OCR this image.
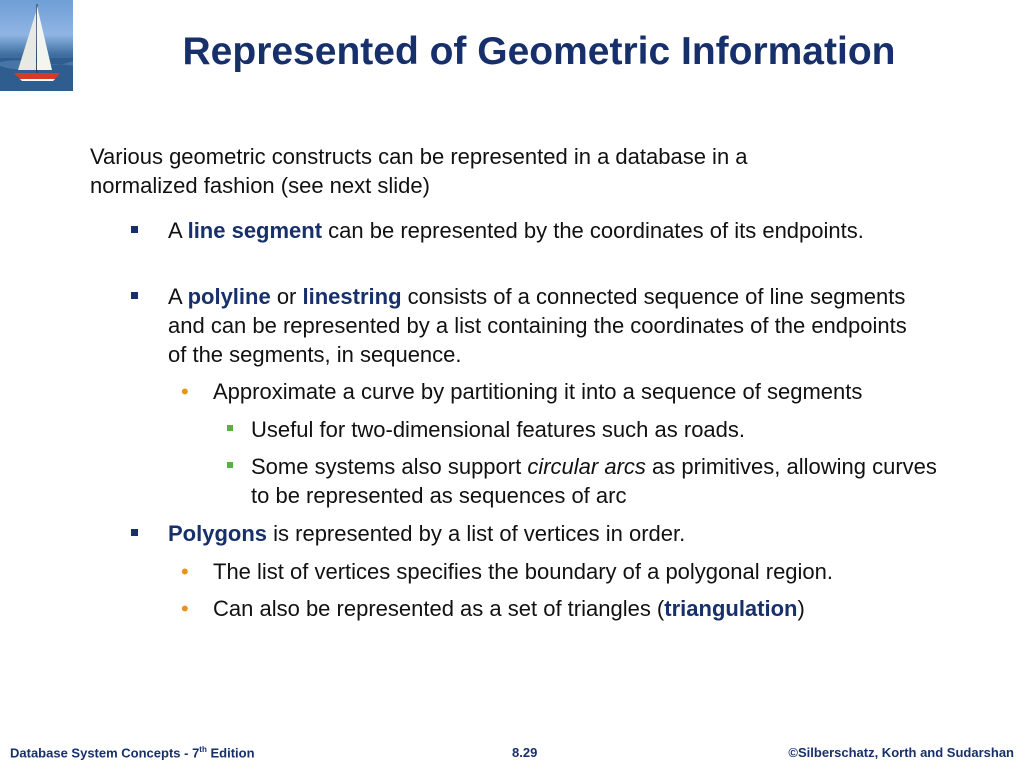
Represented of Geometric Information

Various geometric constructs can be represented in a database in a normalized fashion (see next slide)

A line segment can be represented by the coordinates of its endpoints.
A polyline or linestring consists of a connected sequence of line segments and can be represented by a list containing the coordinates of the endpoints of the segments, in sequence.
• Approximate a curve by partitioning it into a sequence of segments
Useful for two-dimensional features such as roads.
Some systems also support circular arcs as primitives, allowing curves to be represented as sequences of arc
Polygons is represented by a list of vertices in order.
• The list of vertices specifies the boundary of a polygonal region.
• Can also be represented as a set of triangles (triangulation)
Database System Concepts - 7th Edition	8.29	©Silberschatz, Korth and Sudarshan
